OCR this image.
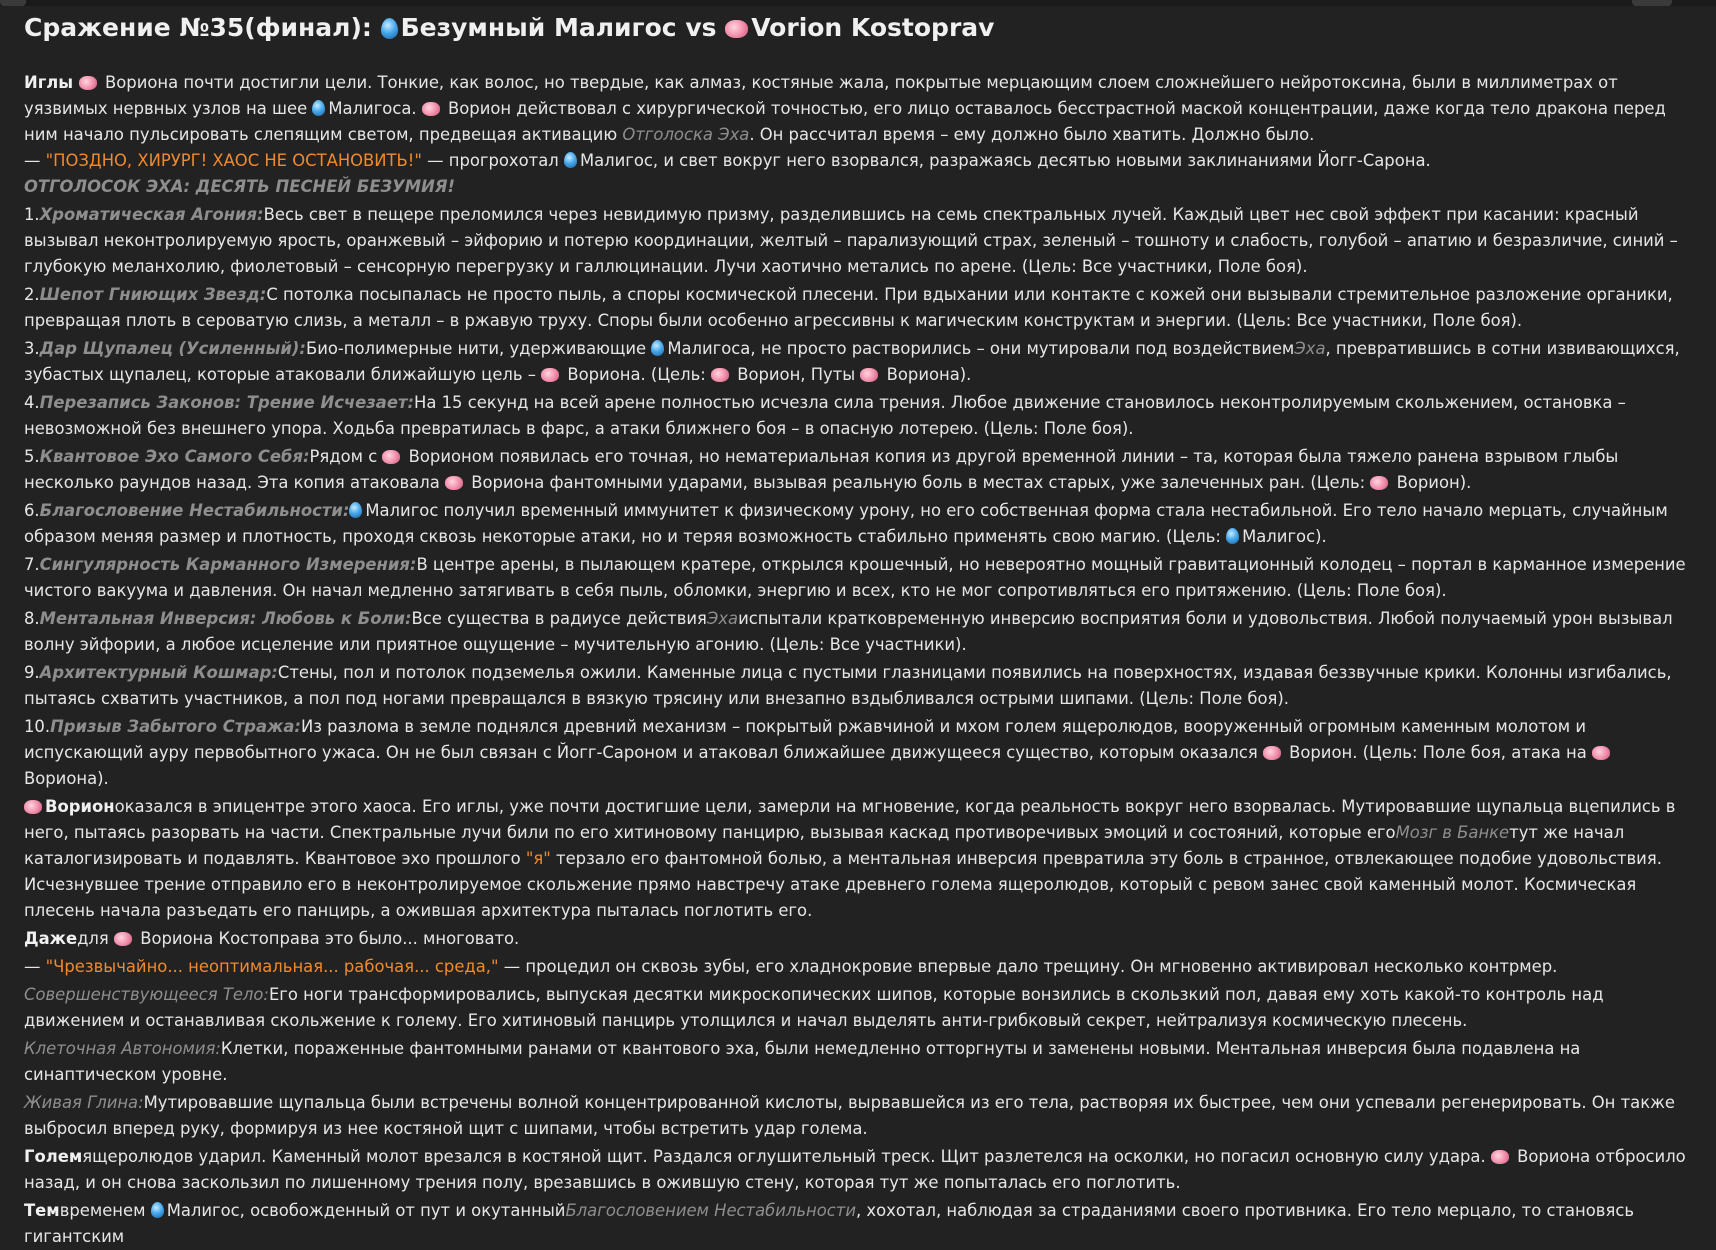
Сражение №35(финал): Безумный Малигос vs Vorion Kostoprav

Иглы  Вориона почти достигли цели. Тонкие, как волос, но твердые, как алмаз, костяные жала, покрытые мерцающим слоем сложнейшего нейротоксина, были в миллиметрах от уязвимых нервных узлов на шее Малигоса.  Ворион действовал с хирургической точностью, его лицо оставалось бесстрастной маской концентрации, даже когда тело дракона перед ним начало пульсировать слепящим светом, предвещая активацию Отголоска Эха. Он рассчитал время – ему должно было хватить. Должно было.

— "ПОЗДНО, ХИРУРГ! ХАОС НЕ ОСТАНОВИТЬ!" — прогрохотал Малигос, и свет вокруг него взорвался, разражаясь десятью новыми заклинаниями Йогг-Сарона.

ОТГОЛОСОК ЭХА: ДЕСЯТЬ ПЕСНЕЙ БЕЗУМИЯ!

1.Хроматическая Агония:Весь свет в пещере преломился через невидимую призму, разделившись на семь спектральных лучей. Каждый цвет нес свой эффект при касании: красный вызывал неконтролируемую ярость, оранжевый – эйфорию и потерю координации, желтый – парализующий страх, зеленый – тошноту и слабость, голубой – апатию и безразличие, синий – глубокую меланхолию, фиолетовый – сенсорную перегрузку и галлюцинации. Лучи хаотично метались по арене. (Цель: Все участники, Поле боя).

2.Шепот Гниющих Звезд:С потолка посыпалась не просто пыль, а споры космической плесени. При вдыхании или контакте с кожей они вызывали стремительное разложение органики, превращая плоть в сероватую слизь, а металл – в ржавую труху. Споры были особенно агрессивны к магическим конструктам и энергии. (Цель: Все участники, Поле боя).

3.Дар Щупалец (Усиленный):Био-полимерные нити, удерживающие Малигоса, не просто растворились – они мутировали под воздействиемЭха, превратившись в сотни извивающихся, зубастых щупалец, которые атаковали ближайшую цель –  Вориона. (Цель:  Ворион, Путы  Вориона).

4.Перезапись Законов: Трение Исчезает:На 15 секунд на всей арене полностью исчезла сила трения. Любое движение становилось неконтролируемым скольжением, остановка – невозможной без внешнего упора. Ходьба превратилась в фарс, а атаки ближнего боя – в опасную лотерею. (Цель: Поле боя).

5.Квантовое Эхо Самого Себя:Рядом с  Ворионом появилась его точная, но нематериальная копия из другой временной линии – та, которая была тяжело ранена взрывом глыбы несколько раундов назад. Эта копия атаковала  Вориона фантомными ударами, вызывая реальную боль в местах старых, уже залеченных ран. (Цель:  Ворион).

6.Благословение Нестабильности: Малигос получил временный иммунитет к физическому урону, но его собственная форма стала нестабильной. Его тело начало мерцать, случайным образом меняя размер и плотность, проходя сквозь некоторые атаки, но и теряя возможность стабильно применять свою магию. (Цель: Малигос).

7.Сингулярность Карманного Измерения:В центре арены, в пылающем кратере, открылся крошечный, но невероятно мощный гравитационный колодец – портал в карманное измерение чистого вакуума и давления. Он начал медленно затягивать в себя пыль, обломки, энергию и всех, кто не мог сопротивляться его притяжению. (Цель: Поле боя).

8.Ментальная Инверсия: Любовь к Боли:Все существа в радиусе действияЭхаиспытали кратковременную инверсию восприятия боли и удовольствия. Любой получаемый урон вызывал волну эйфории, а любое исцеление или приятное ощущение – мучительную агонию. (Цель: Все участники).

9.Архитектурный Кошмар:Стены, пол и потолок подземелья ожили. Каменные лица с пустыми глазницами появились на поверхностях, издавая беззвучные крики. Колонны изгибались, пытаясь схватить участников, а пол под ногами превращался в вязкую трясину или внезапно вздыбливался острыми шипами. (Цель: Поле боя).

10.Призыв Забытого Стража:Из разлома в земле поднялся древний механизм – покрытый ржавчиной и мхом голем ящеролюдов, вооруженный огромным каменным молотом и испускающий ауру первобытного ужаса. Он не был связан с Йогг-Сароном и атаковал ближайшее движущееся существо, которым оказался  Ворион. (Цель: Поле боя, атака на  Вориона).

Ворионоказался в эпицентре этого хаоса. Его иглы, уже почти достигшие цели, замерли на мгновение, когда реальность вокруг него взорвалась. Мутировавшие щупальца вцепились в него, пытаясь разорвать на части. Спектральные лучи били по его хитиновому панцирю, вызывая каскад противоречивых эмоций и состояний, которые егоМозг в Банкетут же начал каталогизировать и подавлять. Квантовое эхо прошлого "я" терзало его фантомной болью, а ментальная инверсия превратила эту боль в странное, отвлекающее подобие удовольствия. Исчезнувшее трение отправило его в неконтролируемое скольжение прямо навстречу атаке древнего голема ящеролюдов, который с ревом занес свой каменный молот. Космическая плесень начала разъедать его панцирь, а ожившая архитектура пыталась поглотить его.

Дажедля  Вориона Костоправа это было... многовато.

— "Чрезвычайно... неоптимальная... рабочая... среда," — процедил он сквозь зубы, его хладнокровие впервые дало трещину. Он мгновенно активировал несколько контрмер.

Совершенствующееся Тело:Его ноги трансформировались, выпуская десятки микроскопических шипов, которые вонзились в скользкий пол, давая ему хоть какой-то контроль над движением и останавливая скольжение к голему. Его хитиновый панцирь утолщился и начал выделять анти-грибковый секрет, нейтрализуя космическую плесень.

Клеточная Автономия:Клетки, пораженные фантомными ранами от квантового эха, были немедленно отторгнуты и заменены новыми. Ментальная инверсия была подавлена на синаптическом уровне.

Живая Глина:Мутировавшие щупальца были встречены волной концентрированной кислоты, вырвавшейся из его тела, растворяя их быстрее, чем они успевали регенерировать. Он также выбросил вперед руку, формируя из нее костяной щит с шипами, чтобы встретить удар голема.

Големящеролюдов ударил. Каменный молот врезался в костяной щит. Раздался оглушительный треск. Щит разлетелся на осколки, но погасил основную силу удара.  Вориона отбросило назад, и он снова заскользил по лишенному трения полу, врезавшись в ожившую стену, которая тут же попыталась его поглотить.

Темвременем Малигос, освобожденный от пут и окутанныйБлагословением Нестабильности, хохотал, наблюдая за страданиями своего противника. Его тело мерцало, то становясь гигантским
